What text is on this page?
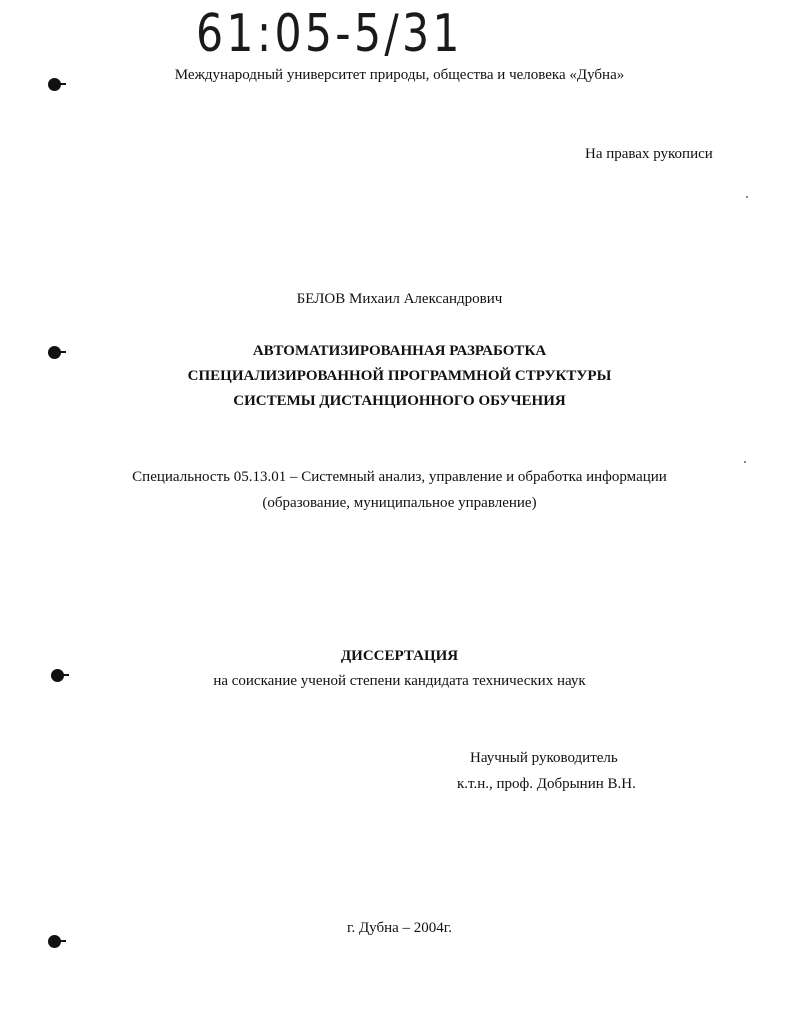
61:05-5/31
Международный университет природы, общества и человека «Дубна»
На правах рукописи
БЕЛОВ Михаил Александрович
АВТОМАТИЗИРОВАННАЯ РАЗРАБОТКА
СПЕЦИАЛИЗИРОВАННОЙ ПРОГРАММНОЙ СТРУКТУРЫ
СИСТЕМЫ ДИСТАНЦИОННОГО ОБУЧЕНИЯ
Специальность 05.13.01 – Системный анализ, управление и обработка информации
(образование, муниципальное управление)
ДИССЕРТАЦИЯ
на соискание ученой степени кандидата технических наук
Научный руководитель
к.т.н., проф. Добрынин В.Н.
г. Дубна – 2004г.
